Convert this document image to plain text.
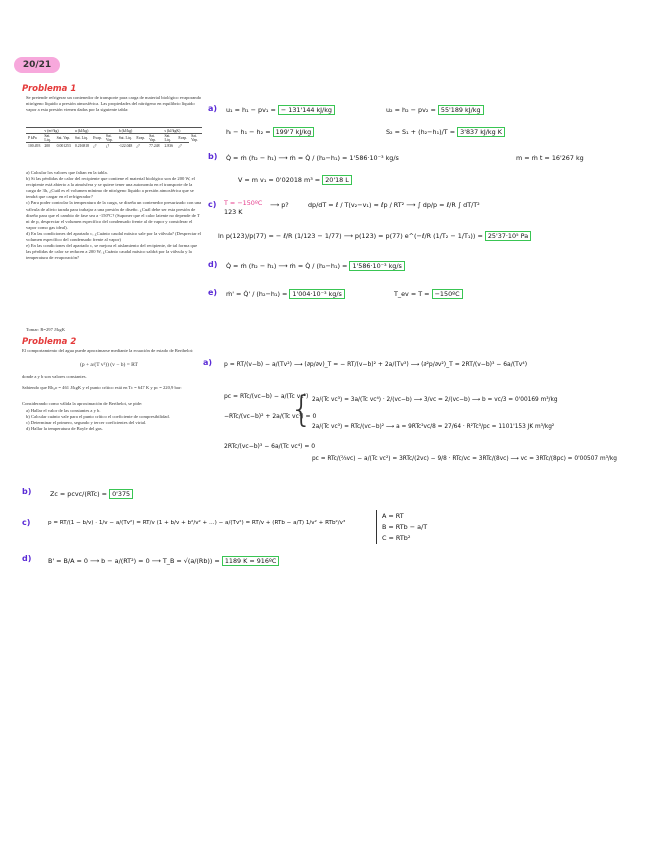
20/21
Problema 1
Se pretende refrigerar un contenedor de transporte para carga de material biológico evaporando nitrógeno líquido a presión atmosférica. Las propiedades del nitrógeno en equilibrio líquido vapor a esta presión vienen dadas por la siguiente tabla:
	v (m³/kg)		u (kJ/kg)			h (kJ/kg)			s (kJ/kgK)		
P kPa	Sat. Liq.	Sat. Vap.	Sat. Liq.	Evap.	Sat. Vap.	Sat. Liq.	Evap.	Sat. Vap.	Sat. Liq.	Evap.	Sat. Vap.
100.493	200	0.001253	0.216818	¿?	¿?	-122.048	¿?	77.248	2.836	¿?	
a) Calcular los valores que faltan en la tabla.
b) Si las pérdidas de calor del recipiente que contiene el material biológico son de 200 W, el recipiente está abierto a la atmósfera y se quiere tener una autonomía en el transporte de la carga de 3h, ¿Cuál es el volumen mínimo de nitrógeno líquido a presión atmosférica que se tendrá que cargar en el refrigerador?
c) Para poder controlar la temperatura de la carga, se diseña un contenedor presurizado con una válvula de alivio tarada para trabajar a una presión de diseño. ¿Cuál debe ser esta presión de diseño para que el cambio de fase sea a -150ºC? (Suponer que el calor latente no depende de T ni de p, despreciar el volumen específico del condensado frente al de vapor y considerar el vapor como gas ideal).
d) En las condiciones del apartado c, ¿Cuánto caudal másico sale por la válvula? (Despreciar el volumen específico del condensado frente al vapor)
e) En las condiciones del apartado c, se mejora el aislamiento del recipiente, de tal forma que las pérdidas de calor se reducen a 200 W, ¿Cuánto caudal másico saldrá por la válvula y la temperatura de evaporación?
Tomar: R=297 J/kgK
a) u₁ = h₁ − pv₁ = − 131'144 kJ/kg	u₂ = h₂ − pv₂ = 55'189 kJ/kg
hₗ − h₁ − h₂ = 199'7 kJ/kg	S₂ = S₁ + (h₂−h₁)/T = 3'837 kJ/kg K
b) Q̇ = ṁ (h₂ − h₁) ⟶ ṁ = Q̇ / (h₂−h₁) = 1'586·10⁻³ kg/s	m = ṁ t = 16'267 kg
V = m v₁ = 0'02018 m³ = 20'18 L
c) T = −150ºC
123 K
⟶ p?	dp/dT = ℓ / T(v₂−v₁) ≈ ℓp / RT² ⟶ ∫ dp/p = ℓ/R ∫ dT/T²
ln p(123)/p(77) = − ℓ/R (1/123 − 1/77) ⟶ p(123) = p(77) e^(−ℓ/R (1/T₂ − 1/T₁)) = 25'37·10⁵ Pa
d) Q̇ = ṁ (h₂ − h₁) ⟶ ṁ = Q̇ / (h₂−h₁) = 1'586·10⁻³ kg/s
e) ṁ' = Q̇' / (h₂−h₁) = 1'004·10⁻³ kg/s	T_ev = T = −150ºC
Problema 2
El comportamiento del agua puede aproximarse mediante la ecuación de estado de Berthelot:
(p + a/(T v²)) (v − b) = RT
donde a y b son valores constantes.
Sabiendo que Rh₂o = 461 J/kgK y el punto crítico está en Tc = 647 K y pc = 220,9 bar:
Considerando como válida la aproximación de Berthelot, se pide:
a) Hallar el valor de las constantes a y b.
b) Calcular cuánto vale para el punto crítico el coeficiente de compresibilidad.
c) Determinar el primero, segundo y tercer coeficientes del virial.
d) Hallar la temperatura de Boyle del gas.
a) p = RT/(v−b) − a/(Tv²) ⟶ (∂p/∂v)_T = − RT/(v−b)² + 2a/(Tv³) ⟶ (∂²p/∂v²)_T = 2RT/(v−b)³ − 6a/(Tv⁴)
pc = RTc/(vc−b) − a/(Tc vc²)
−RTc/(vc−b)² + 2a/(Tc vc³) = 0
2RTc/(vc−b)³ − 6a/(Tc vc⁴) = 0
{ 2a/(Tc vc³) = 3a/(Tc vc⁴) · 2/(vc−b) ⟶ 3/vc = 2/(vc−b) ⟶ b = vc/3 = 0'00169 m³/kg
2a/(Tc vc³) = RTc/(vc−b)² ⟶ a = 9RTc²vc/8 = 27/64 · R²Tc³/pc = 1101'153 JK m³/kg²
pc = RTc/(⅔vc) − a/(Tc vc²) = 3RTc/(2vc) − 9/8 · RTc/vc = 3RTc/(8vc) ⟶ vc = 3RTc/(8pc) = 0'00507 m³/kg
b)	Zc = pcvc/(RTc) = 0'375
c)	p = RT/(1 − b/v) · 1/v − a/(Tv²) = RT/v (1 + b/v + b²/v² + …) − a/(Tv²) = RT/v + (RTb − a/T) 1/v² + RTb²/v³
A = RT
B = RTb − a/T
C = RTb²
d)	B' = B/A = 0 ⟶ b − a/(RT²) = 0 ⟶ T_B = √(a/(Rb)) = 1189 K = 916ºC
